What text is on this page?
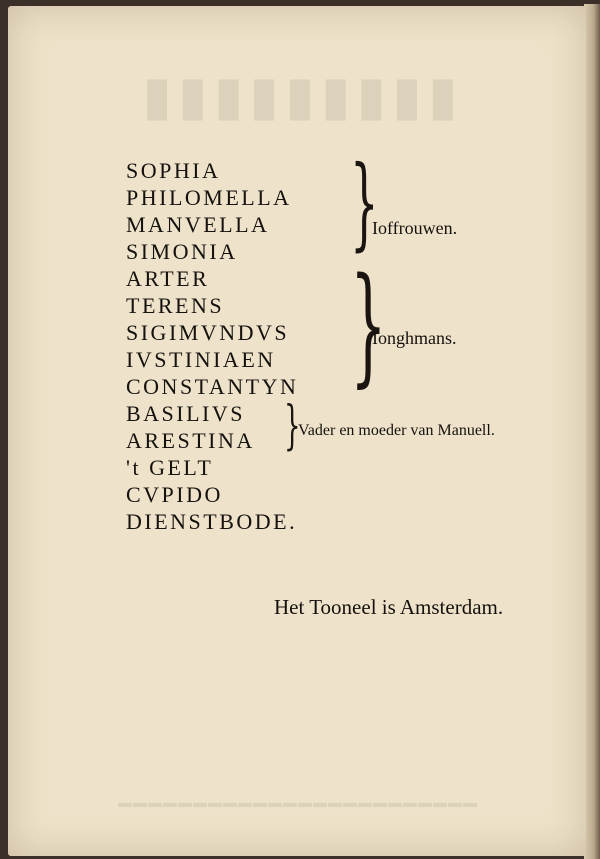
▮▮▮▮▮▮▮▮▮
▬▬▬▬▬▬▬▬▬▬▬▬▬▬▬▬▬▬▬▬▬▬▬▬
SOPHIA
PHILOMELLA
MANVELLA
SIMONIA
ARTER
TERENS
SIGIMVNDVS
IVSTINIAEN
CONSTANTYN
BASILIVS
ARESTINA
't GELT
CVPIDO
DIENSTBODE.
}
Ioffrouwen.
}
Ionghmans.
}
Vader en moeder van Manuell.
Het Tooneel is Amsterdam.
